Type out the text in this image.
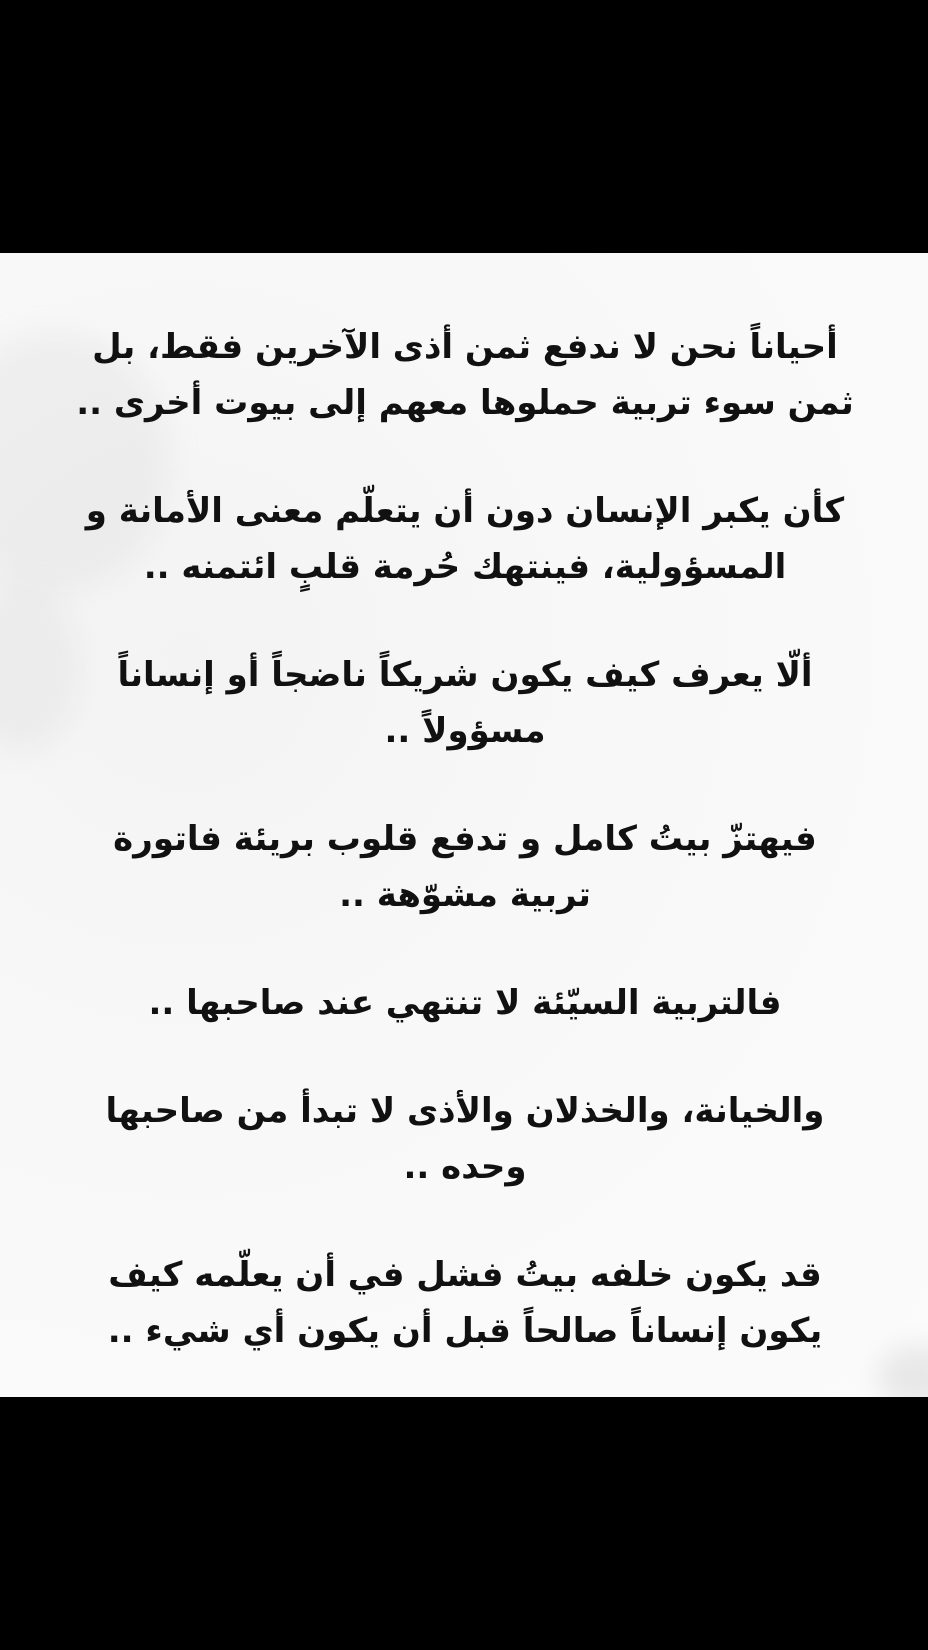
أحياناً نحن لا ندفع ثمن أذى الآخرين فقط، بل ثمن سوء تربية حملوها معهم إلى بيوت أخرى ..

كأن يكبر الإنسان دون أن يتعلّم معنى الأمانة و المسؤولية، فينتهك حُرمة قلبٍ ائتمنه ..

ألّا يعرف كيف يكون شريكاً ناضجاً أو إنساناً مسؤولاً ..

فيهتزّ بيتُ كامل و تدفع قلوب بريئة فاتورة تربية مشوّهة ..

فالتربية السيّئة لا تنتهي عند صاحبها ..

والخيانة، والخذلان والأذى لا تبدأ من صاحبها وحده ..

قد يكون خلفه بيتُ فشل في أن يعلّمه كيف يكون إنساناً صالحاً قبل أن يكون أي شيء ..
